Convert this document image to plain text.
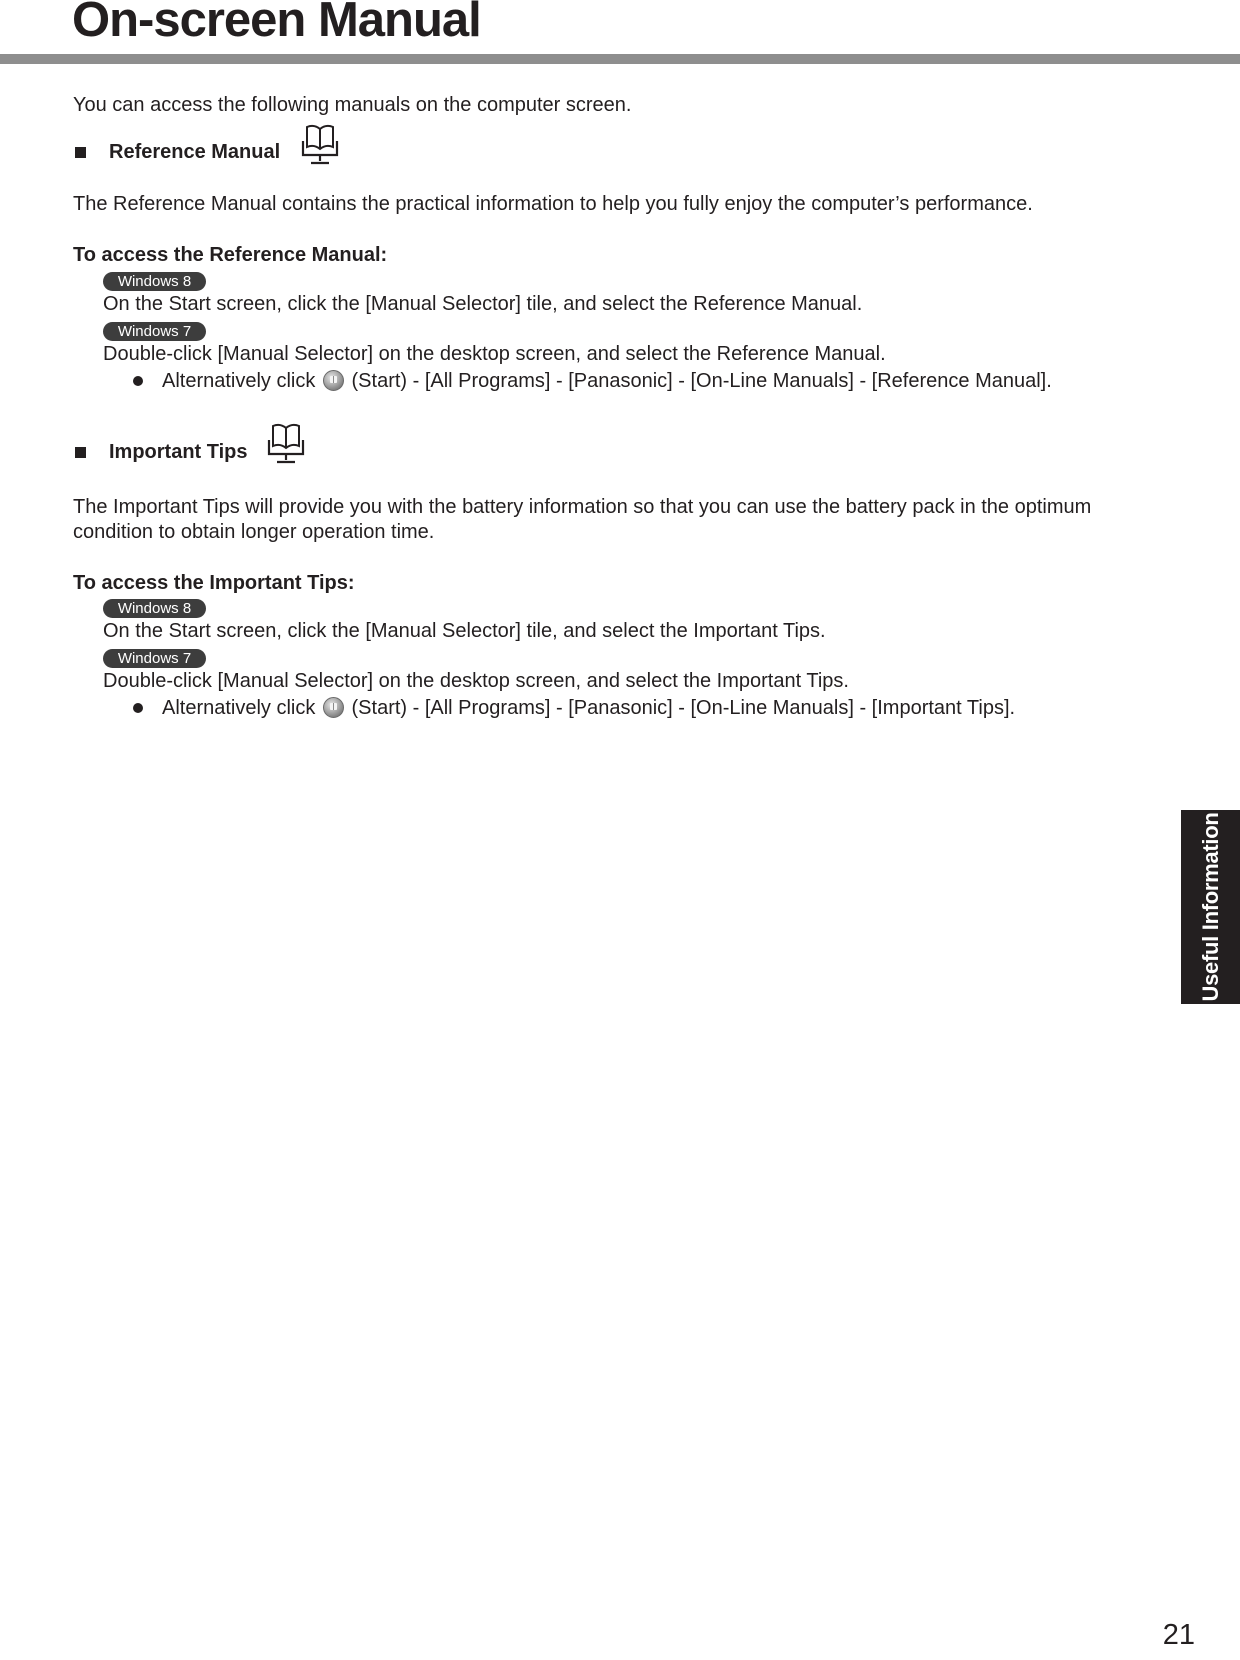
On-screen Manual
You can access the following manuals on the computer screen.
Reference Manual
The Reference Manual contains the practical information to help you fully enjoy the computer’s performance.
To access the Reference Manual:
Windows 8
On the Start screen, click the [Manual Selector] tile, and select the Reference Manual.
Windows 7
Double-click [Manual Selector] on the desktop screen, and select the Reference Manual.
Alternatively click (Start) - [All Programs] - [Panasonic] - [On-Line Manuals] - [Reference Manual].
Important Tips
The Important Tips will provide you with the battery information so that you can use the battery pack in the optimum
condition to obtain longer operation time.
To access the Important Tips:
Windows 8
On the Start screen, click the [Manual Selector] tile, and select the Important Tips.
Windows 7
Double-click [Manual Selector] on the desktop screen, and select the Important Tips.
Alternatively click (Start) - [All Programs] - [Panasonic] - [On-Line Manuals] - [Important Tips].
Useful Information
21
